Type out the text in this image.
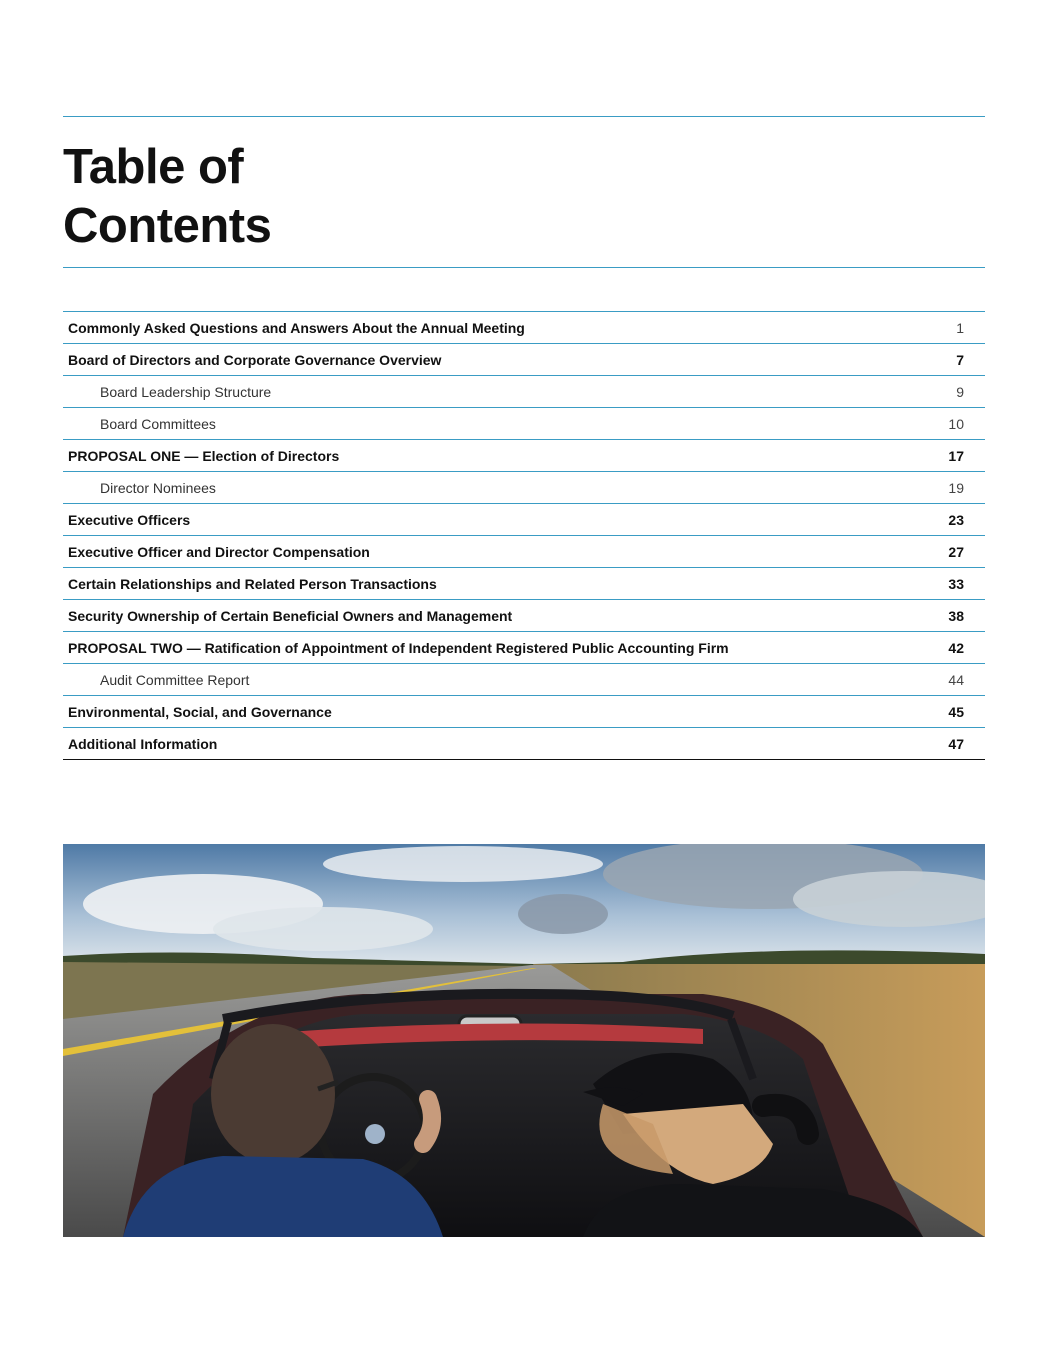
Table of
Contents
Commonly Asked Questions and Answers About the Annual Meeting	1
Board of Directors and Corporate Governance Overview	7
Board Leadership Structure	9
Board Committees	10
PROPOSAL ONE — Election of Directors	17
Director Nominees	19
Executive Officers	23
Executive Officer and Director Compensation	27
Certain Relationships and Related Person Transactions	33
Security Ownership of Certain Beneficial Owners and Management	38
PROPOSAL TWO — Ratification of Appointment of Independent Registered Public Accounting Firm	42
Audit Committee Report	44
Environmental, Social, and Governance	45
Additional Information	47
